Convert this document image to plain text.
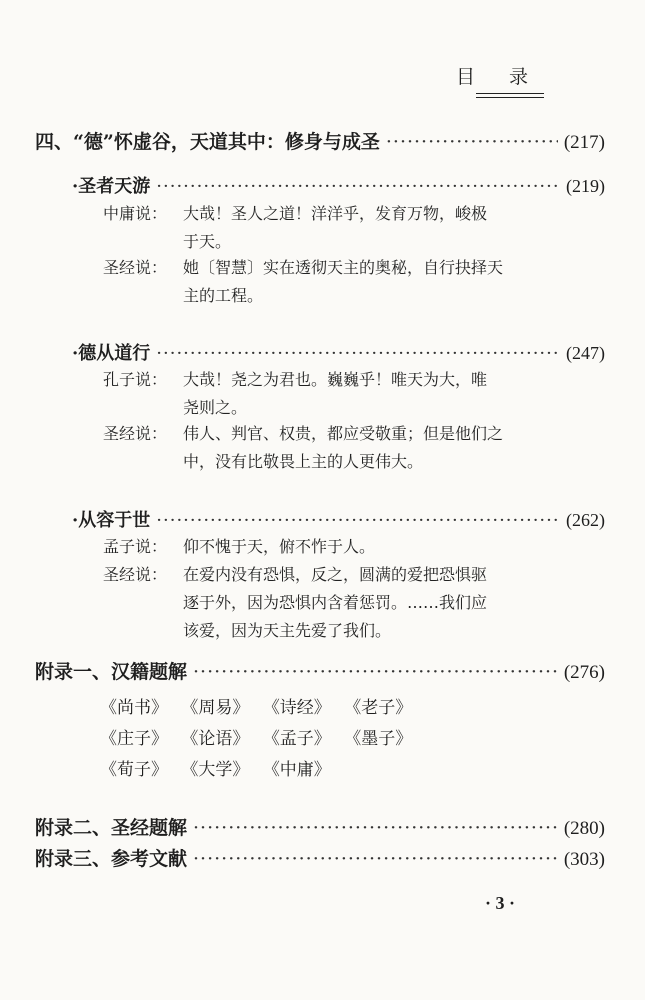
目 录
四、“德”怀虚谷，天道其中：修身与成圣 ·····	(217)
·圣者天游 ·····	(219)
中庸说： 大哉！圣人之道！洋洋乎，发育万物，峻极
于天。
圣经说： 她〔智慧〕实在透彻天主的奥秘，自行抉择天
主的工程。
·德从道行 ·····	(247)
孔子说： 大哉！尧之为君也。巍巍乎！唯天为大，唯
尧则之。
圣经说： 伟人、判官、权贵，都应受敬重；但是他们之
中，没有比敬畏上主的人更伟大。
·从容于世 ·····	(262)
孟子说： 仰不愧于天，俯不怍于人。
圣经说： 在爱内没有恐惧，反之，圆满的爱把恐惧驱
逐于外，因为恐惧内含着惩罚。……我们应
该爱，因为天主先爱了我们。
附录一、汉籍题解 ·····	(276)
《尚书》 《周易》 《诗经》 《老子》
《庄子》 《论语》 《孟子》 《墨子》
《荀子》 《大学》 《中庸》
附录二、圣经题解 ·····	(280)
附录三、参考文献 ·····	(303)
· 3 ·
